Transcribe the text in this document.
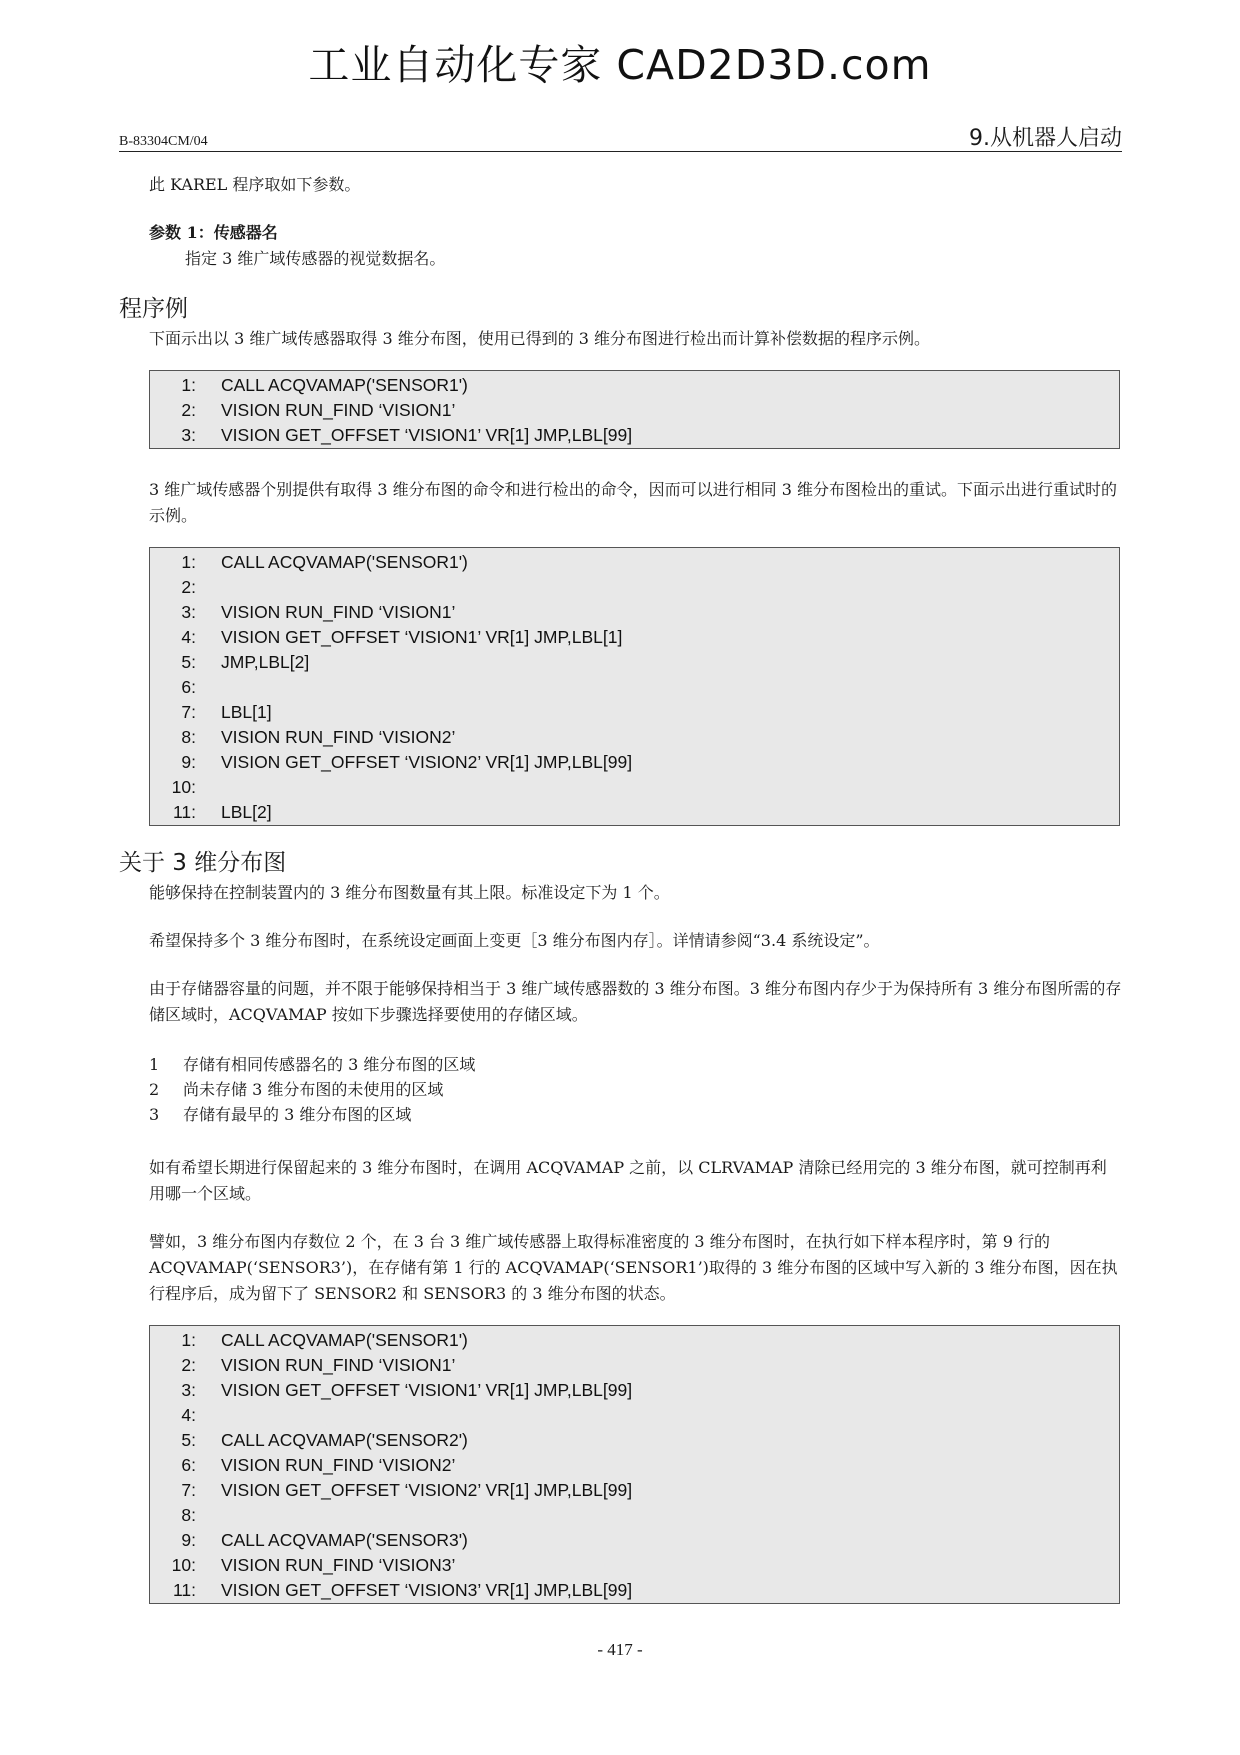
工业自动化专家 CAD2D3D.com
B-83304CM/04	9.从机器人启动

此 KAREL 程序取如下参数。

参数 1：传感器名

指定 3 维广域传感器的视觉数据名。

程序例

下面示出以 3 维广域传感器取得 3 维分布图，使用已得到的 3 维分布图进行检出而计算补偿数据的程序示例。

1: CALL ACQVAMAP('SENSOR1')
2: VISION RUN_FIND ‘VISION1’
3: VISION GET_OFFSET ‘VISION1’ VR[1] JMP,LBL[99]

3 维广域传感器个别提供有取得 3 维分布图的命令和进行检出的命令，因而可以进行相同 3 维分布图检出的重试。下面示出进行重试时的示例。

1: CALL ACQVAMAP('SENSOR1')
2:
3: VISION RUN_FIND ‘VISION1’
4: VISION GET_OFFSET ‘VISION1’ VR[1] JMP,LBL[1]
5: JMP,LBL[2]
6:
7: LBL[1]
8: VISION RUN_FIND ‘VISION2’
9: VISION GET_OFFSET ‘VISION2’ VR[1] JMP,LBL[99]
10:
11: LBL[2]
关于 3 维分布图

能够保持在控制装置内的 3 维分布图数量有其上限。标准设定下为 1 个。

希望保持多个 3 维分布图时，在系统设定画面上变更［3 维分布图内存］。详情请参阅“3.4 系统设定”。

由于存储器容量的问题，并不限于能够保持相当于 3 维广域传感器数的 3 维分布图。3 维分布图内存少于为保持所有 3 维分布图所需的存储区域时，ACQVAMAP 按如下步骤选择要使用的存储区域。

1	存储有相同传感器名的 3 维分布图的区域
2	尚未存储 3 维分布图的未使用的区域
3	存储有最早的 3 维分布图的区域

如有希望长期进行保留起来的 3 维分布图时，在调用 ACQVAMAP 之前，以 CLRVAMAP 清除已经用完的 3 维分布图，就可控制再利用哪一个区域。

譬如，3 维分布图内存数位 2 个，在 3 台 3 维广域传感器上取得标准密度的 3 维分布图时，在执行如下样本程序时，第 9 行的 ACQVAMAP(‘SENSOR3’)，在存储有第 1 行的 ACQVAMAP(‘SENSOR1’)取得的 3 维分布图的区域中写入新的 3 维分布图，因在执行程序后，成为留下了 SENSOR2 和 SENSOR3 的 3 维分布图的状态。

1: CALL ACQVAMAP('SENSOR1')
2: VISION RUN_FIND ‘VISION1’
3: VISION GET_OFFSET ‘VISION1’ VR[1] JMP,LBL[99]
4:
5: CALL ACQVAMAP('SENSOR2')
6: VISION RUN_FIND ‘VISION2’
7: VISION GET_OFFSET ‘VISION2’ VR[1] JMP,LBL[99]
8:
9: CALL ACQVAMAP('SENSOR3')
10: VISION RUN_FIND ‘VISION3’
11: VISION GET_OFFSET ‘VISION3’ VR[1] JMP,LBL[99]
- 417 -
